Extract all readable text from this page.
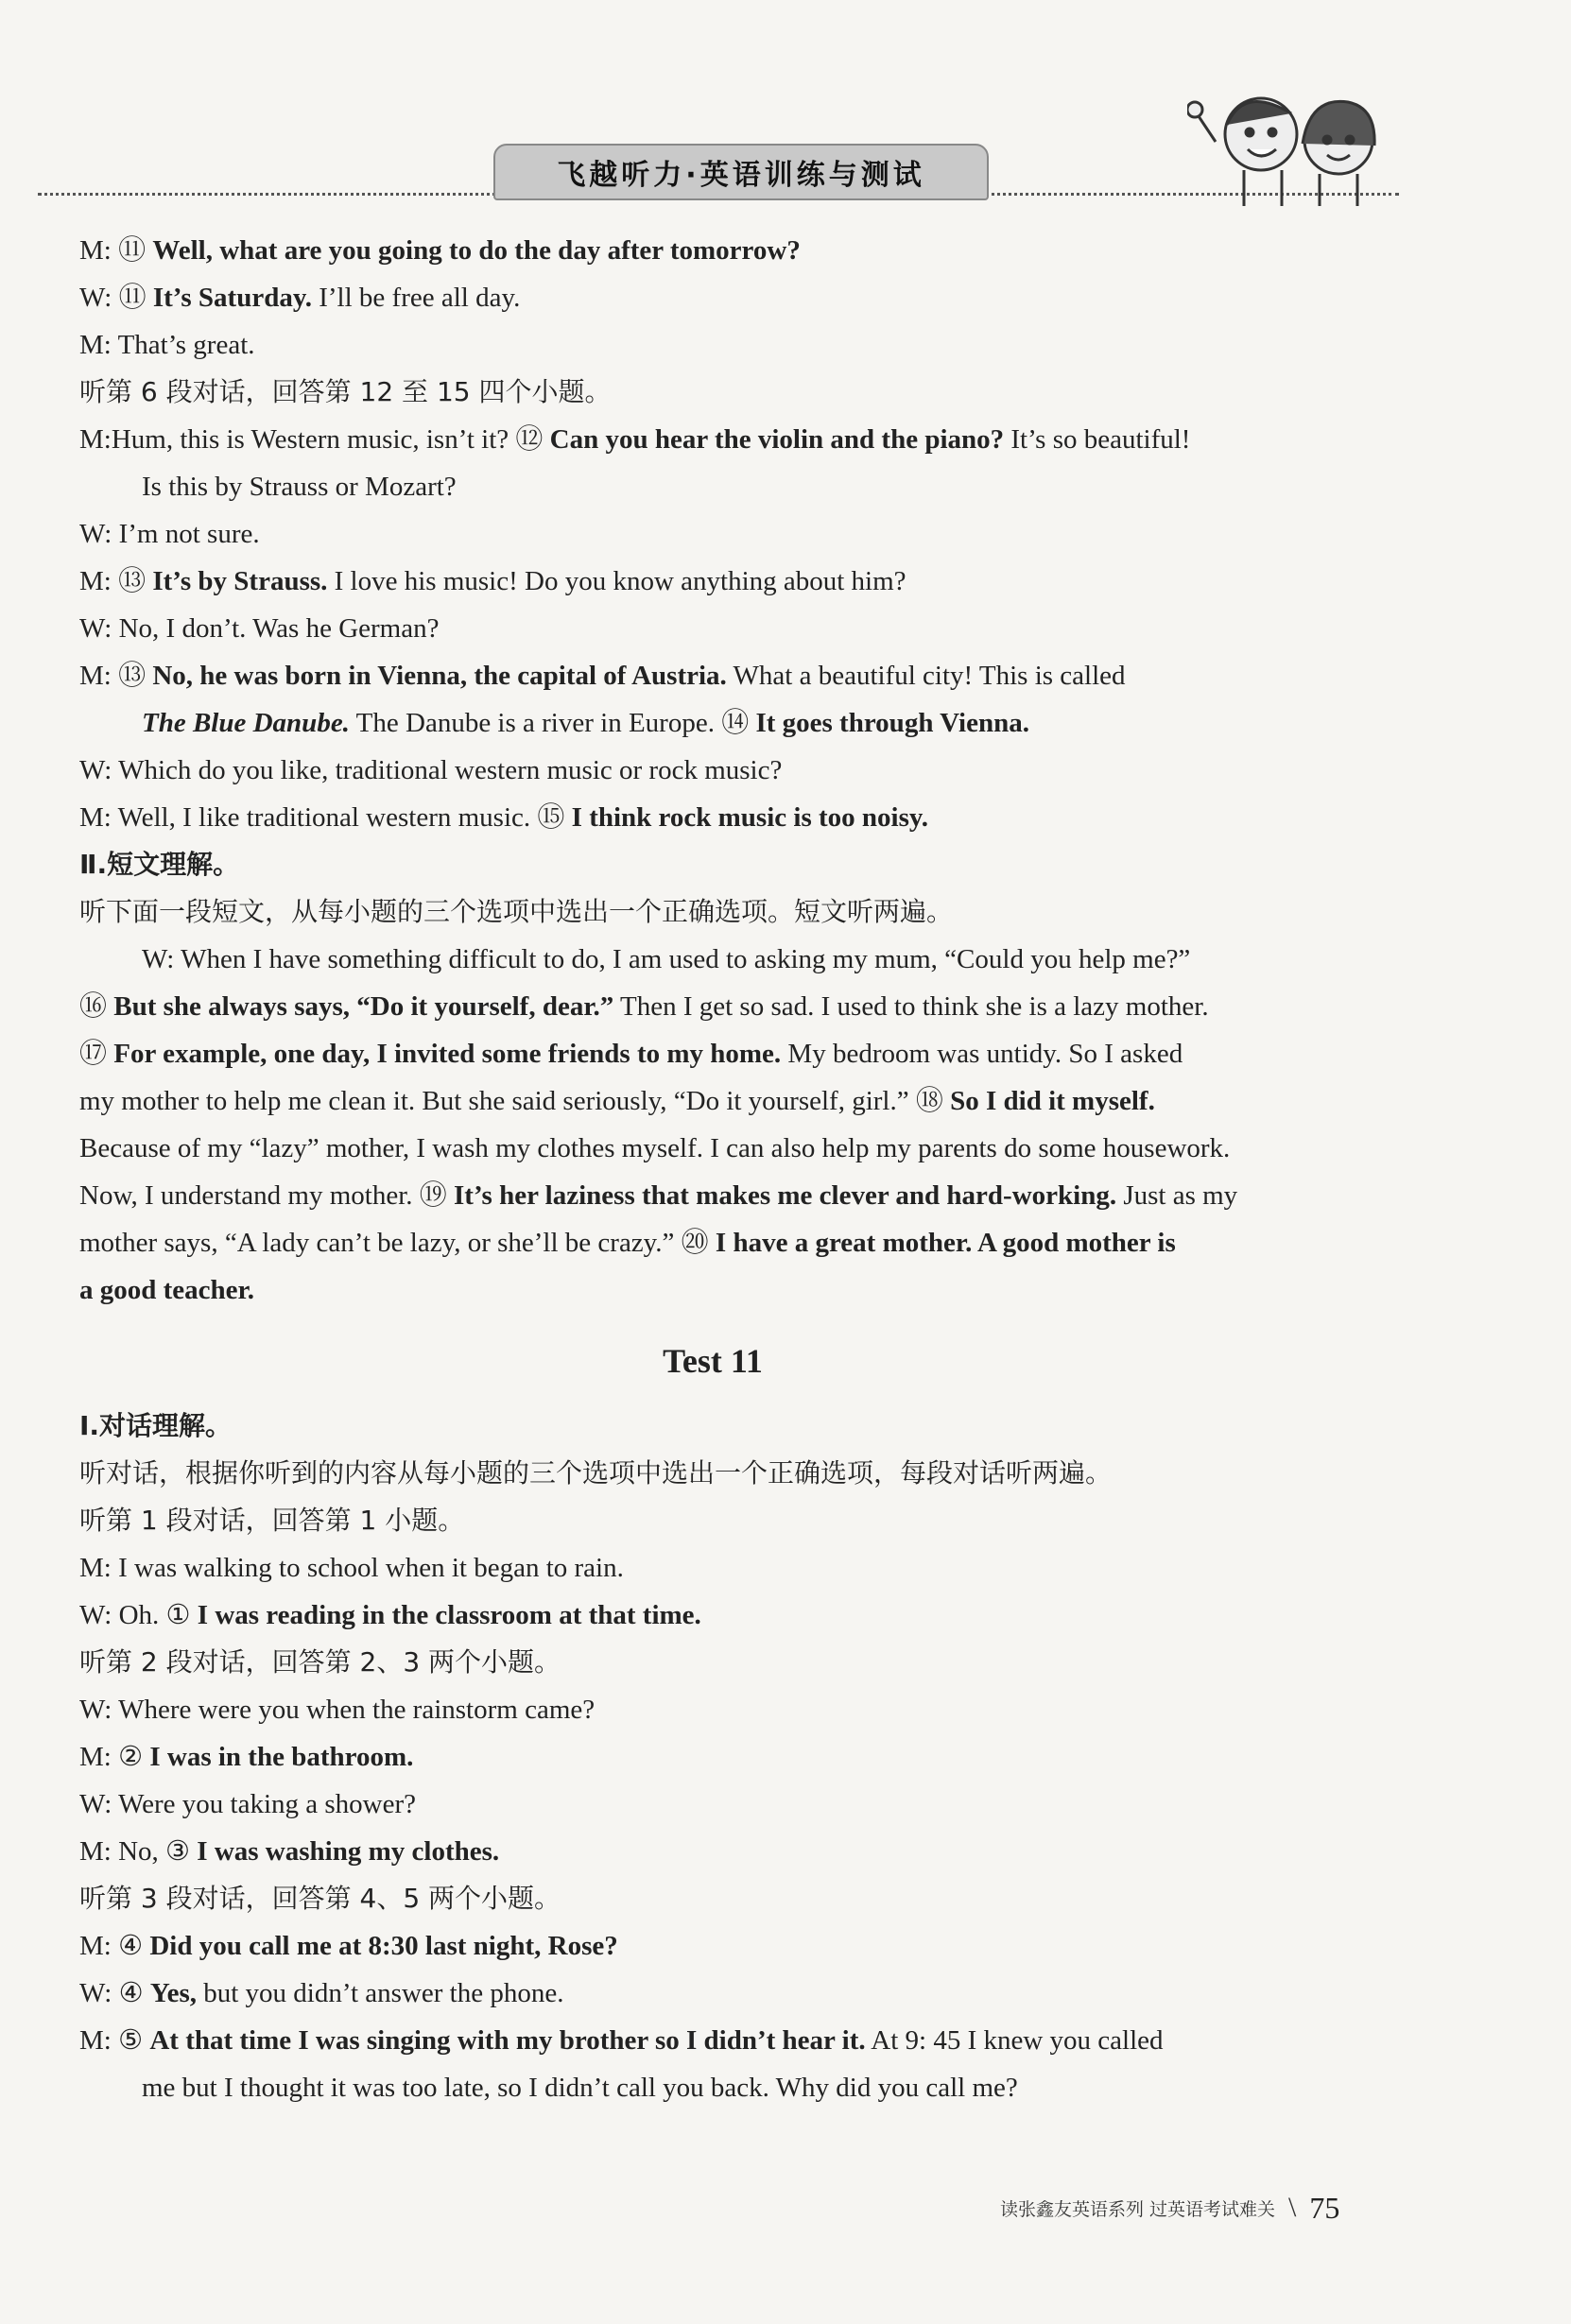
飞越听力·英语训练与测试
M: ⑪ Well, what are you going to do the day after tomorrow?
W: ⑪ It’s Saturday. I’ll be free all day.
M: That’s great.
听第 6 段对话，回答第 12 至 15 四个小题。
M:Hum, this is Western music, isn’t it? ⑫ Can you hear the violin and the piano? It’s so beautiful!
Is this by Strauss or Mozart?
W: I’m not sure.
M: ⑬ It’s by Strauss. I love his music! Do you know anything about him?
W: No, I don’t. Was he German?
M: ⑬ No, he was born in Vienna, the capital of Austria. What a beautiful city! This is called
The Blue Danube. The Danube is a river in Europe. ⑭ It goes through Vienna.
W: Which do you like, traditional western music or rock music?
M: Well, I like traditional western music. ⑮ I think rock music is too noisy.
Ⅱ.短文理解。
听下面一段短文，从每小题的三个选项中选出一个正确选项。短文听两遍。
W: When I have something difficult to do, I am used to asking my mum, “Could you help me?”
⑯ But she always says, “Do it yourself, dear.” Then I get so sad. I used to think she is a lazy mother.
⑰ For example, one day, I invited some friends to my home. My bedroom was untidy. So I asked
my mother to help me clean it. But she said seriously, “Do it yourself, girl.” ⑱ So I did it myself.
Because of my “lazy” mother, I wash my clothes myself. I can also help my parents do some housework.
Now, I understand my mother. ⑲ It’s her laziness that makes me clever and hard-working. Just as my
mother says, “A lady can’t be lazy, or she’ll be crazy.” ⑳ I have a great mother. A good mother is
a good teacher.
Test 11
Ⅰ.对话理解。
听对话，根据你听到的内容从每小题的三个选项中选出一个正确选项，每段对话听两遍。
听第 1 段对话，回答第 1 小题。
M: I was walking to school when it began to rain.
W: Oh. ① I was reading in the classroom at that time.
听第 2 段对话，回答第 2、3 两个小题。
W: Where were you when the rainstorm came?
M: ② I was in the bathroom.
W: Were you taking a shower?
M: No, ③ I was washing my clothes.
听第 3 段对话，回答第 4、5 两个小题。
M: ④ Did you call me at 8:30 last night, Rose?
W: ④ Yes, but you didn’t answer the phone.
M: ⑤ At that time I was singing with my brother so I didn’t hear it. At 9: 45 I knew you called
me but I thought it was too late, so I didn’t call you back. Why did you call me?
读张鑫友英语系列 过英语考试难关 \ 75
